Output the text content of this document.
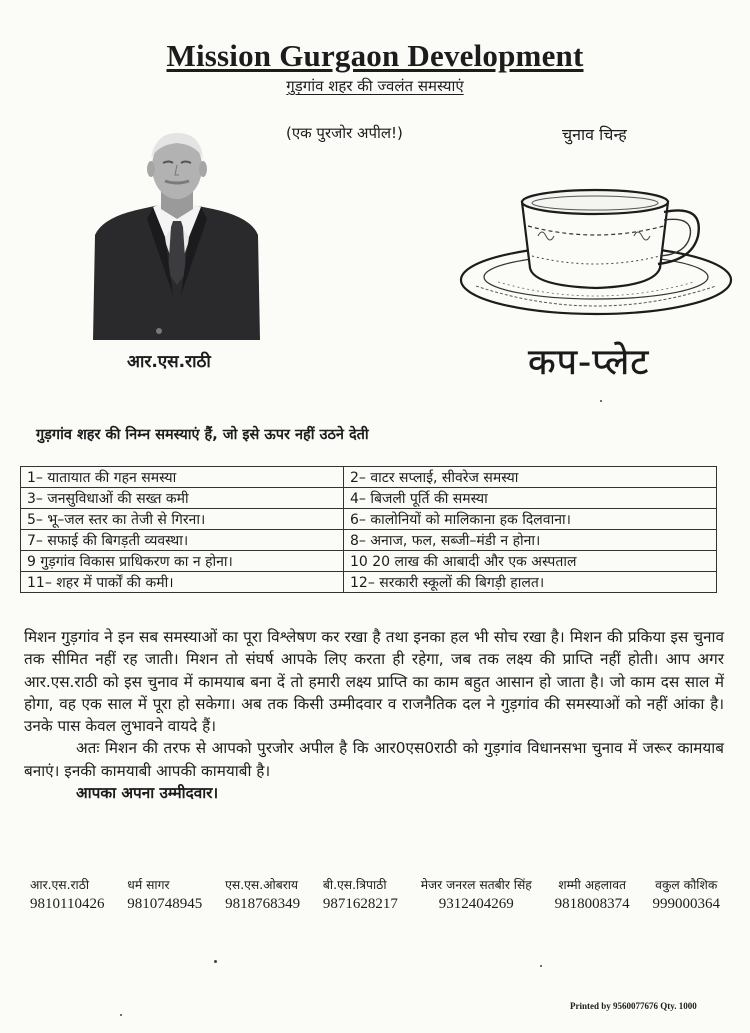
Mission Gurgaon Development
गुड़गांव शहर की ज्वलंत समस्याएं
(एक पुरजोर अपील!)	चुनाव चिन्ह
आर.एस.राठी	कप-प्लेट
गुड़गांव शहर की निम्न समस्याएं हैं, जो इसे ऊपर नहीं उठने देती
1– यातायात की गहन समस्या	2– वाटर सप्लाई, सीवरेज समस्या
3– जनसुविधाओं की सख्त कमी	4– बिजली पूर्ति की समस्या
5– भू–जल स्तर का तेजी से गिरना।	6– कालोनियों को मालिकाना हक दिलवाना।
7– सफाई की बिगड़ती व्यवस्था।	8– अनाज, फल, सब्जी–मंडी न होना।
9 गुड़गांव विकास प्राधिकरण का न होना।	10 20 लाख की आबादी और एक अस्पताल
11– शहर में पार्कों की कमी।	12– सरकारी स्कूलों की बिगड़ी हालत।

मिशन गुड़गांव ने इन सब समस्याओं का पूरा विश्लेषण कर रखा है तथा इनका हल भी सोच रखा है। मिशन की प्रकिया इस चुनाव तक सीमित नहीं रह जाती। मिशन तो संघर्ष आपके लिए करता ही रहेगा, जब तक लक्ष्य की प्राप्ति नहीं होती। आप अगर आर.एस.राठी को इस चुनाव में कामयाब बना दें तो हमारी लक्ष्य प्राप्ति का काम बहुत आसान हो जाता है। जो काम दस साल में होगा, वह एक साल में पूरा हो सकेगा। अब तक किसी उम्मीदवार व राजनैतिक दल ने गुड़गांव की समस्याओं को नहीं आंका है। उनके पास केवल लुभावने वायदे हैं।

अतः मिशन की तरफ से आपको पुरजोर अपील है कि आर0एस0राठी को गुड़गांव विधानसभा चुनाव में जरूर कामयाब बनाएं। इनकी कामयाबी आपकी कामयाबी है।

आपका अपना उम्मीदवार।

आर.एस.राठी
9810110426
धर्म सागर
9810748945
एस.एस.ओबराय
9818768349
बी.एस.त्रिपाठी
9871628217
मेजर जनरल सतबीर सिंह
9312404269
शम्मी अहलावत
9818008374
वकुल कौशिक
999000364
Printed by 9560077676 Qty. 1000
